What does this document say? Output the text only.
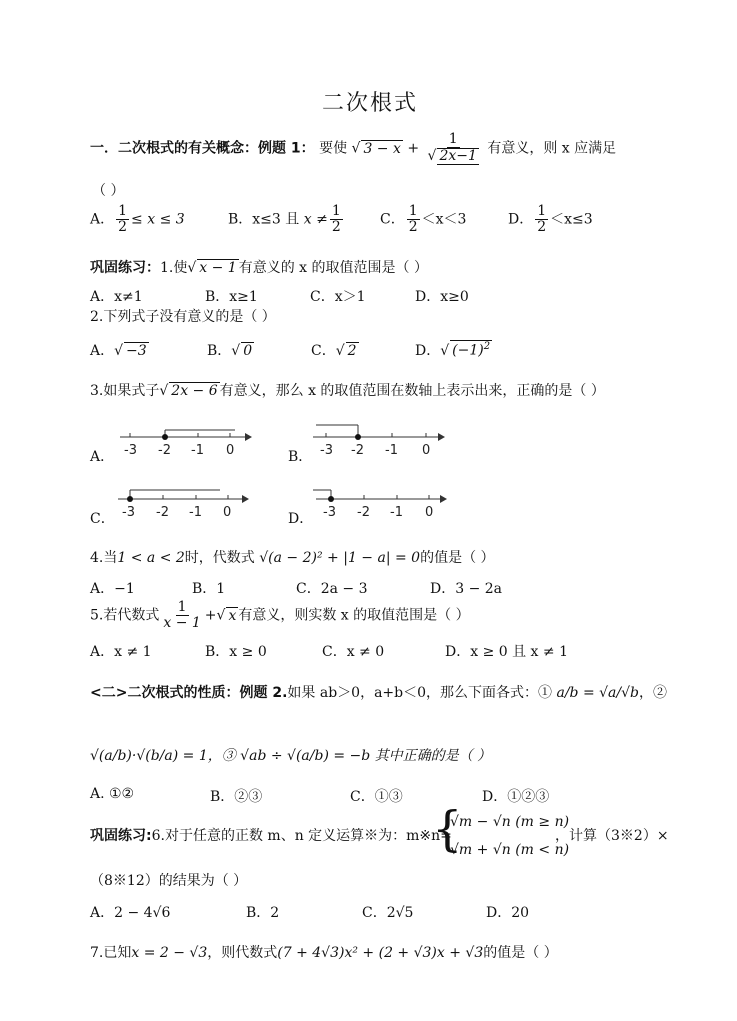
二次根式
一．二次根式的有关概念：例题 1： 要使 √ $3 - x + \frac{1}{√ 2x-1}$ 有意义，则 x 应满足
（ ）
A． $\frac{1}{2} \le x \le 3$	B．x≤3 且 $x \ne \frac{1}{2}$	C． $\frac{1}{2} <x<3$	D． $\frac{1}{2} <x\le 3$
巩固练习：1.使√ x − 1 有意义的 x 的取值范围是（ ）
A．x≠1	B．x≥1	C．x＞1	D．x≥0
2.下列式子没有意义的是（ ）
A．√ −3	B．√ 0	C．√ 2	D．√ $(-1)^2$
3.如果式子√ 2x − 6 有意义，那么 x 的取值范围在数轴上表示出来，正确的是（ ）
A．	B．
C．	D．
-3 -2 -1 0	-3 -2 -1 0
-3 -2 -1 0	-3 -2 -1 0
4.当1 < a < 2时，代数式 √(a − 2)² + |1 − a| = 0的值是（ ）
A．−1	B．1	C．2a − 3	D．3 − 2a
5.若代数式 $\frac{1}{x - 1}$ +√ x 有意义，则实数 x 的取值范围是（ ）
A．x ≠ 1	B．x ≥ 0	C．x ≠ 0	D．x ≥ 0 且 x ≠ 1
<二>二次根式的性质：例题 2.如果 ab＞0，a+b＜0，那么下面各式：① a/b = √a/√b，②
√(a/b)·√(b/a) = 1，③ √ab ÷ √(a/b) = −b 其中正确的是（ ）
A. ①②	B．②③	C．①③	D．①②③
巩固练习:6.对于任意的正数 m、n 定义运算※为：m※n=
{
√m − √n (m ≥ n)
√m + √n (m < n)
，计算（3※2）×
（8※12）的结果为（ ）
A．2 − 4√6	B．2	C．2√5	D．20
7.已知x = 2 − √3，则代数式(7 + 4√3)x² + (2 + √3)x + √3的值是（ ）
